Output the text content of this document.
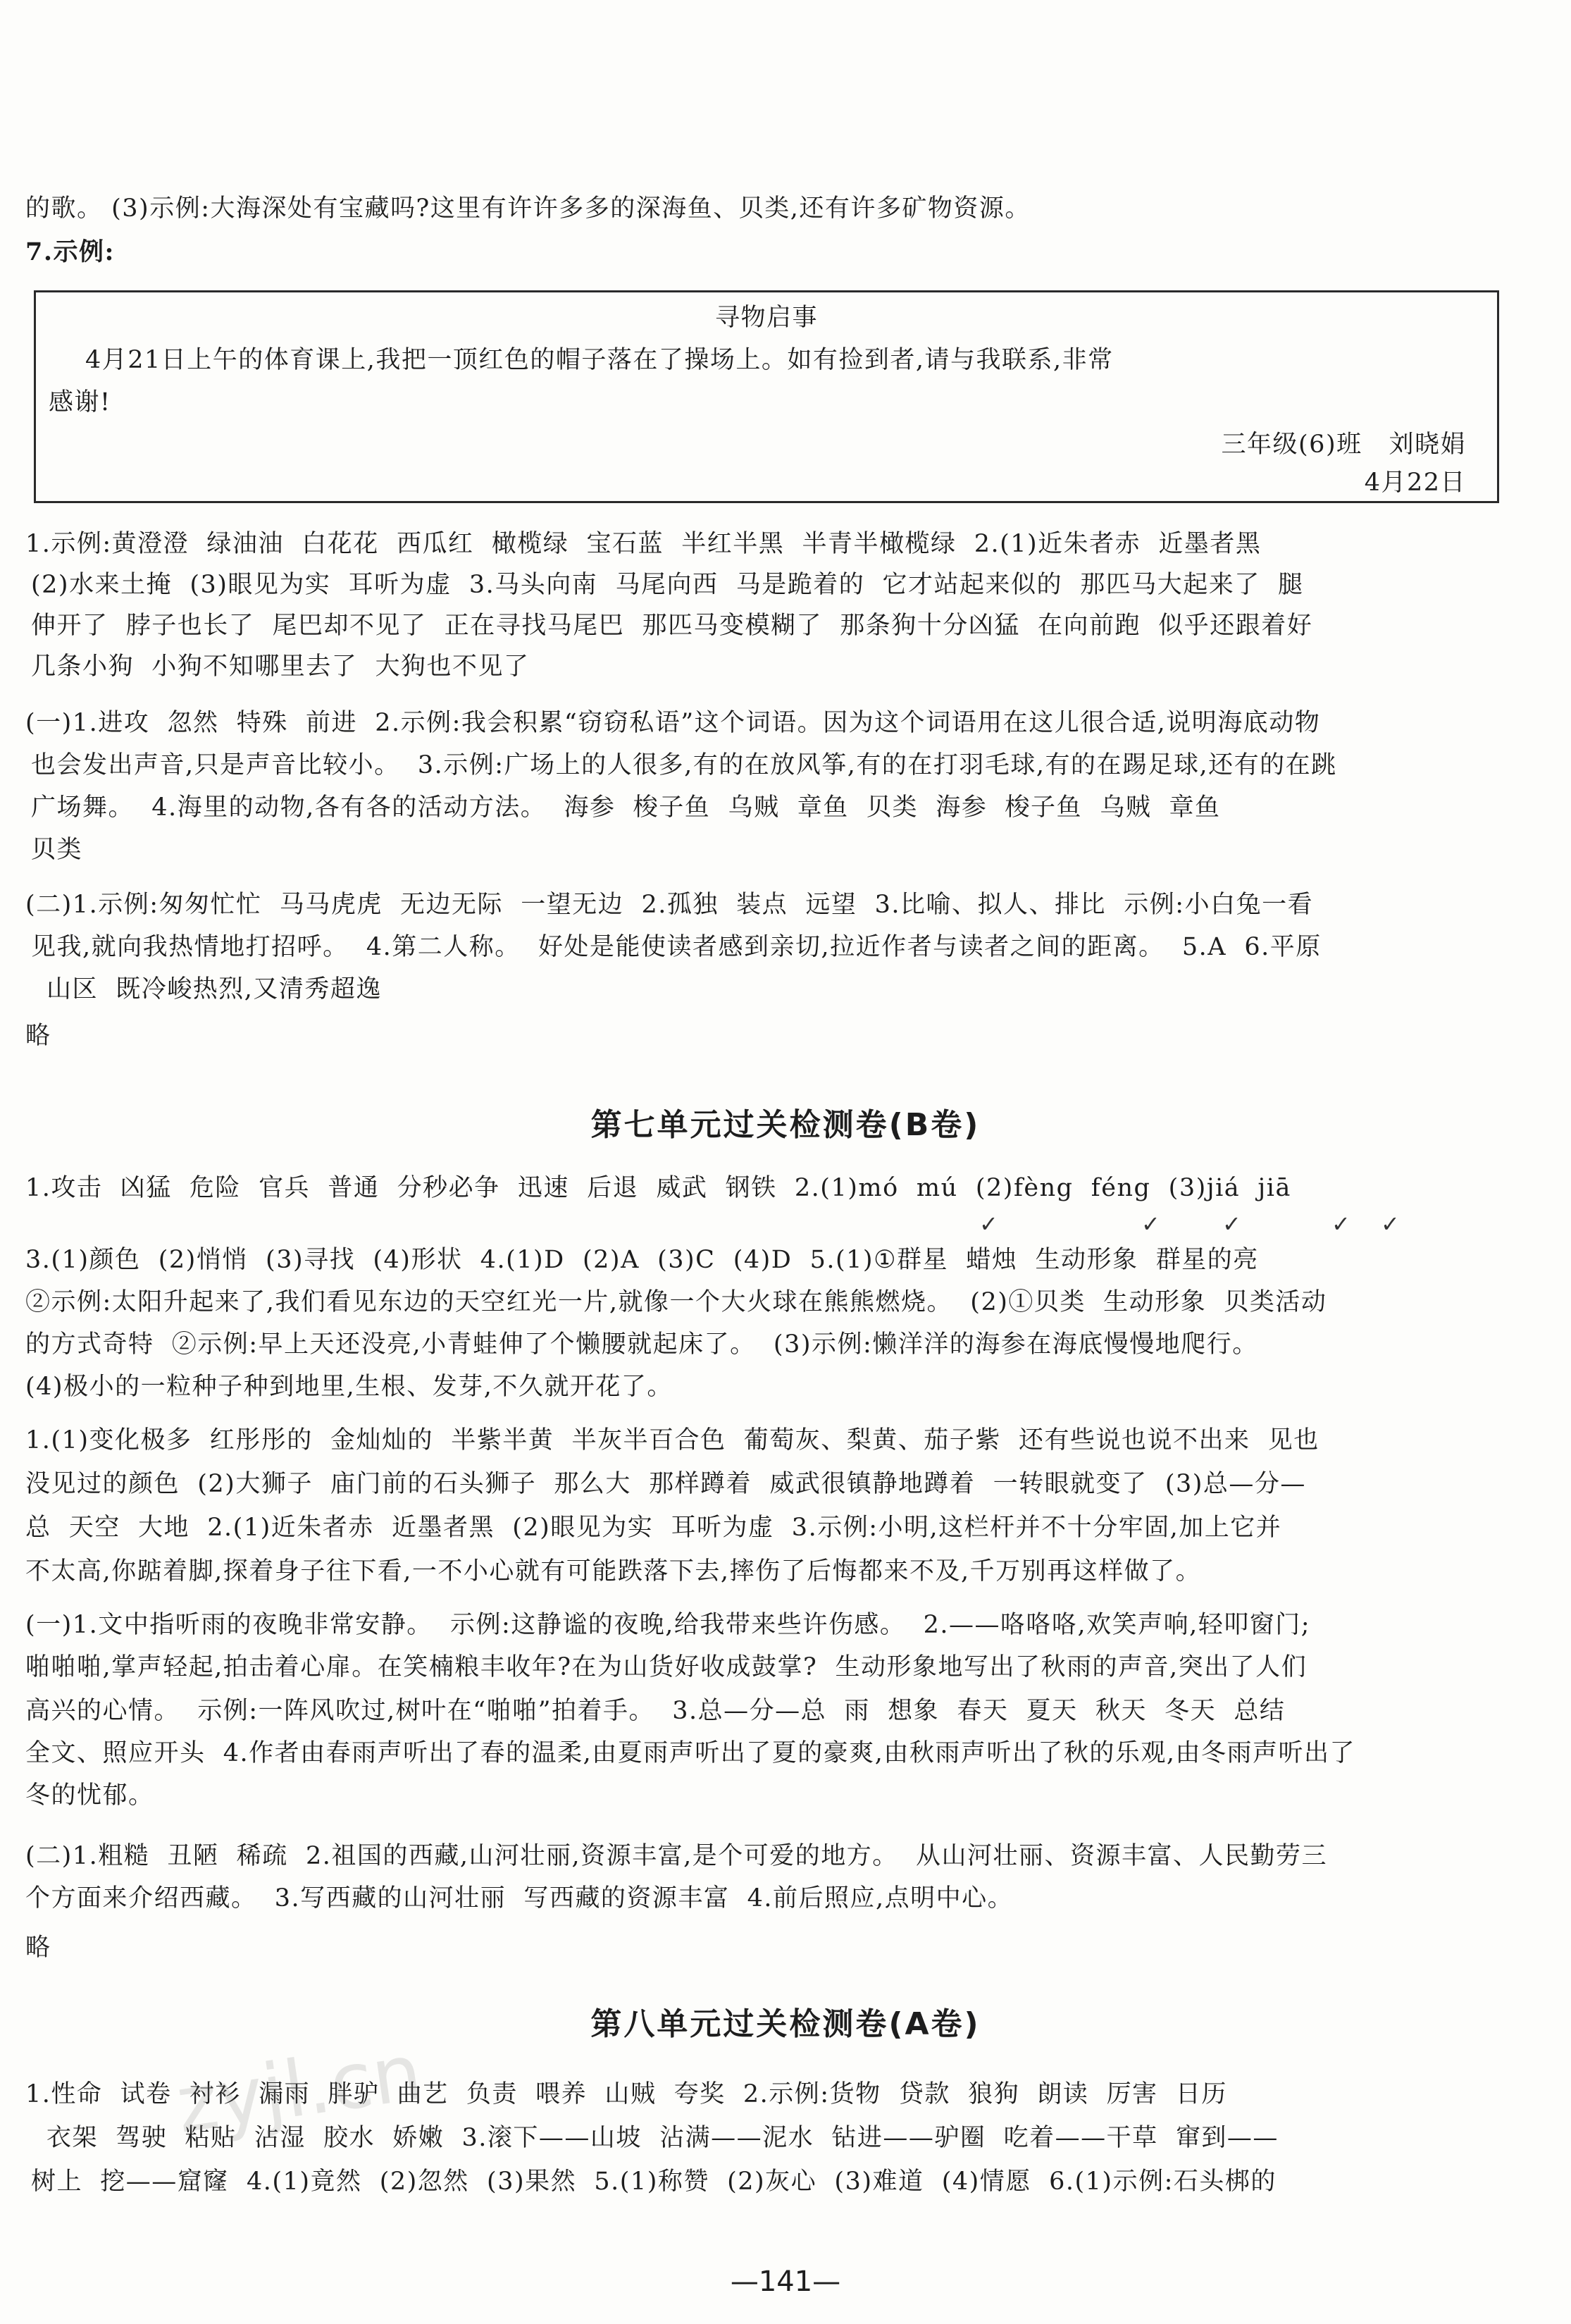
的歌。 (3)示例:大海深处有宝藏吗?这里有许许多多的深海鱼、贝类,还有许多矿物资源。
7.示例:
寻物启事
4月21日上午的体育课上,我把一顶红色的帽子落在了操场上。如有捡到者,请与我联系,非常
感谢!
三年级(6)班   刘晓娟
4月22日
1.示例:黄澄澄  绿油油  白花花  西瓜红  橄榄绿  宝石蓝  半红半黑  半青半橄榄绿  2.(1)近朱者赤  近墨者黑
(2)水来土掩  (3)眼见为实  耳听为虚  3.马头向南  马尾向西  马是跪着的  它才站起来似的  那匹马大起来了  腿
伸开了  脖子也长了  尾巴却不见了  正在寻找马尾巴  那匹马变模糊了  那条狗十分凶猛  在向前跑  似乎还跟着好
几条小狗  小狗不知哪里去了  大狗也不见了
(一)1.进攻  忽然  特殊  前进  2.示例:我会积累“窃窃私语”这个词语。因为这个词语用在这儿很合适,说明海底动物
也会发出声音,只是声音比较小。  3.示例:广场上的人很多,有的在放风筝,有的在打羽毛球,有的在踢足球,还有的在跳
广场舞。  4.海里的动物,各有各的活动方法。  海参  梭子鱼  乌贼  章鱼  贝类  海参  梭子鱼  乌贼  章鱼
贝类
(二)1.示例:匆匆忙忙  马马虎虎  无边无际  一望无边  2.孤独  装点  远望  3.比喻、拟人、排比  示例:小白兔一看
见我,就向我热情地打招呼。  4.第二人称。  好处是能使读者感到亲切,拉近作者与读者之间的距离。  5.A  6.平原
山区  既冷峻热烈,又清秀超逸
略
第七单元过关检测卷(B卷)
1.攻击  凶猛  危险  官兵  普通  分秒必争  迅速  后退  威武  钢铁  2.(1)mó  mú  (2)fèng  féng  (3)jiá  jiā
✓	✓	✓	✓ ✓
3.(1)颜色  (2)悄悄  (3)寻找  (4)形状  4.(1)D  (2)A  (3)C  (4)D  5.(1)①群星  蜡烛  生动形象  群星的亮
②示例:太阳升起来了,我们看见东边的天空红光一片,就像一个大火球在熊熊燃烧。  (2)①贝类  生动形象  贝类活动
的方式奇特  ②示例:早上天还没亮,小青蛙伸了个懒腰就起床了。  (3)示例:懒洋洋的海参在海底慢慢地爬行。
(4)极小的一粒种子种到地里,生根、发芽,不久就开花了。
1.(1)变化极多  红彤彤的  金灿灿的  半紫半黄  半灰半百合色  葡萄灰、梨黄、茄子紫  还有些说也说不出来  见也
没见过的颜色  (2)大狮子  庙门前的石头狮子  那么大  那样蹲着  威武很镇静地蹲着  一转眼就变了  (3)总—分—
总  天空  大地  2.(1)近朱者赤  近墨者黑  (2)眼见为实  耳听为虚  3.示例:小明,这栏杆并不十分牢固,加上它并
不太高,你踮着脚,探着身子往下看,一不小心就有可能跌落下去,摔伤了后悔都来不及,千万别再这样做了。
(一)1.文中指听雨的夜晚非常安静。  示例:这静谧的夜晚,给我带来些许伤感。  2.——咯咯咯,欢笑声响,轻叩窗门;
啪啪啪,掌声轻起,拍击着心扉。在笑楠粮丰收年?在为山货好收成鼓掌?  生动形象地写出了秋雨的声音,突出了人们
高兴的心情。  示例:一阵风吹过,树叶在“啪啪”拍着手。  3.总—分—总  雨  想象  春天  夏天  秋天  冬天  总结
全文、照应开头  4.作者由春雨声听出了春的温柔,由夏雨声听出了夏的豪爽,由秋雨声听出了秋的乐观,由冬雨声听出了
冬的忧郁。
(二)1.粗糙  丑陋  稀疏  2.祖国的西藏,山河壮丽,资源丰富,是个可爱的地方。  从山河壮丽、资源丰富、人民勤劳三
个方面来介绍西藏。  3.写西藏的山河壮丽  写西藏的资源丰富  4.前后照应,点明中心。
略
第八单元过关检测卷(A卷)
1.性命  试卷  衬衫  漏雨  胖驴  曲艺  负责  喂养  山贼  夸奖  2.示例:货物  贷款  狼狗  朗读  厉害  日历
衣架  驾驶  粘贴  沾湿  胶水  娇嫩  3.滚下——山坡  沾满——泥水  钻进——驴圈  吃着——干草  窜到——
树上  挖——窟窿  4.(1)竟然  (2)忽然  (3)果然  5.(1)称赞  (2)灰心  (3)难道  (4)情愿  6.(1)示例:石头梆的
zyjl.cn
—141—
